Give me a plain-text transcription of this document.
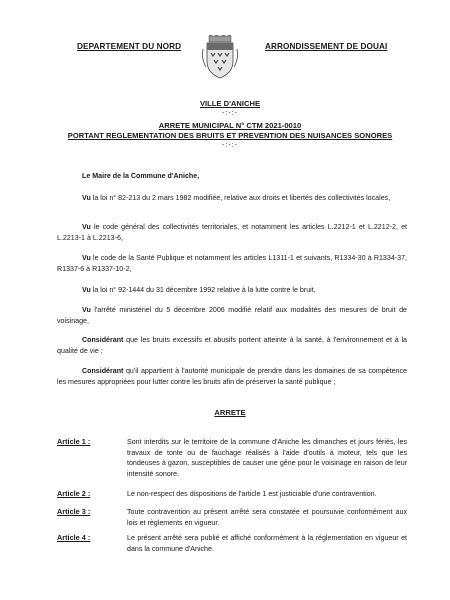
DEPARTEMENT DU NORD	ARRONDISSEMENT DE DOUAI
VILLE D'ANICHE
-:-:-
ARRETE MUNICIPAL N° CTM 2021-0010
PORTANT REGLEMENTATION DES BRUITS ET PREVENTION DES NUISANCES SONORES
-:-:-
Le Maire de la Commune d'Aniche,
Vu la loi n° 82-213 du 2 mars 1982 modifiée, relative aux droits et libertés des collectivités locales,
Vu le code général des collectivités territoriales, et notamment les articles L.2212-1 et L.2212-2, et L.2213-1 à L.2213-6,
Vu le code de la Santé Publique et notamment les articles L1311-1 et suivants, R1334-30 à R1334-37, R1337-6 à R1337-10-2,
Vu la loi n° 92-1444 du 31 décembre 1992 relative à la lutte contre le bruit,
Vu l'arrêté ministériel du 5 décembre 2006 modifié relatif aux modalités des mesures de bruit de voisinage,
Considérant que les bruits excessifs et abusifs portent atteinte à la santé, à l'environnement et à la qualité de vie ;
Considérant qu'il appartient à l'autorité municipale de prendre dans les domaines de sa compétence les mesures appropriées pour lutter contre les bruits afin de préserver la santé publique ;
ARRETE
Article 1 :	Sont interdits sur le territoire de la commune d'Aniche les dimanches et jours fériés, les travaux de tonte ou de fauchage réalisés à l'aide d'outils à moteur, tels que les tondeuses à gazon, susceptibles de causer une gêne pour le voisinage en raison de leur intensité sonore.
Article 2 :	Le non-respect des dispositions de l'article 1 est justiciable d'une contravention.
Article 3 :	Toute contravention au présent arrêté sera constatée et poursuivie conformément aux lois et règlements en vigueur.
Article 4 :	Le présent arrêté sera publié et affiché conformément à la réglementation en vigueur et dans la commune d'Aniche.
